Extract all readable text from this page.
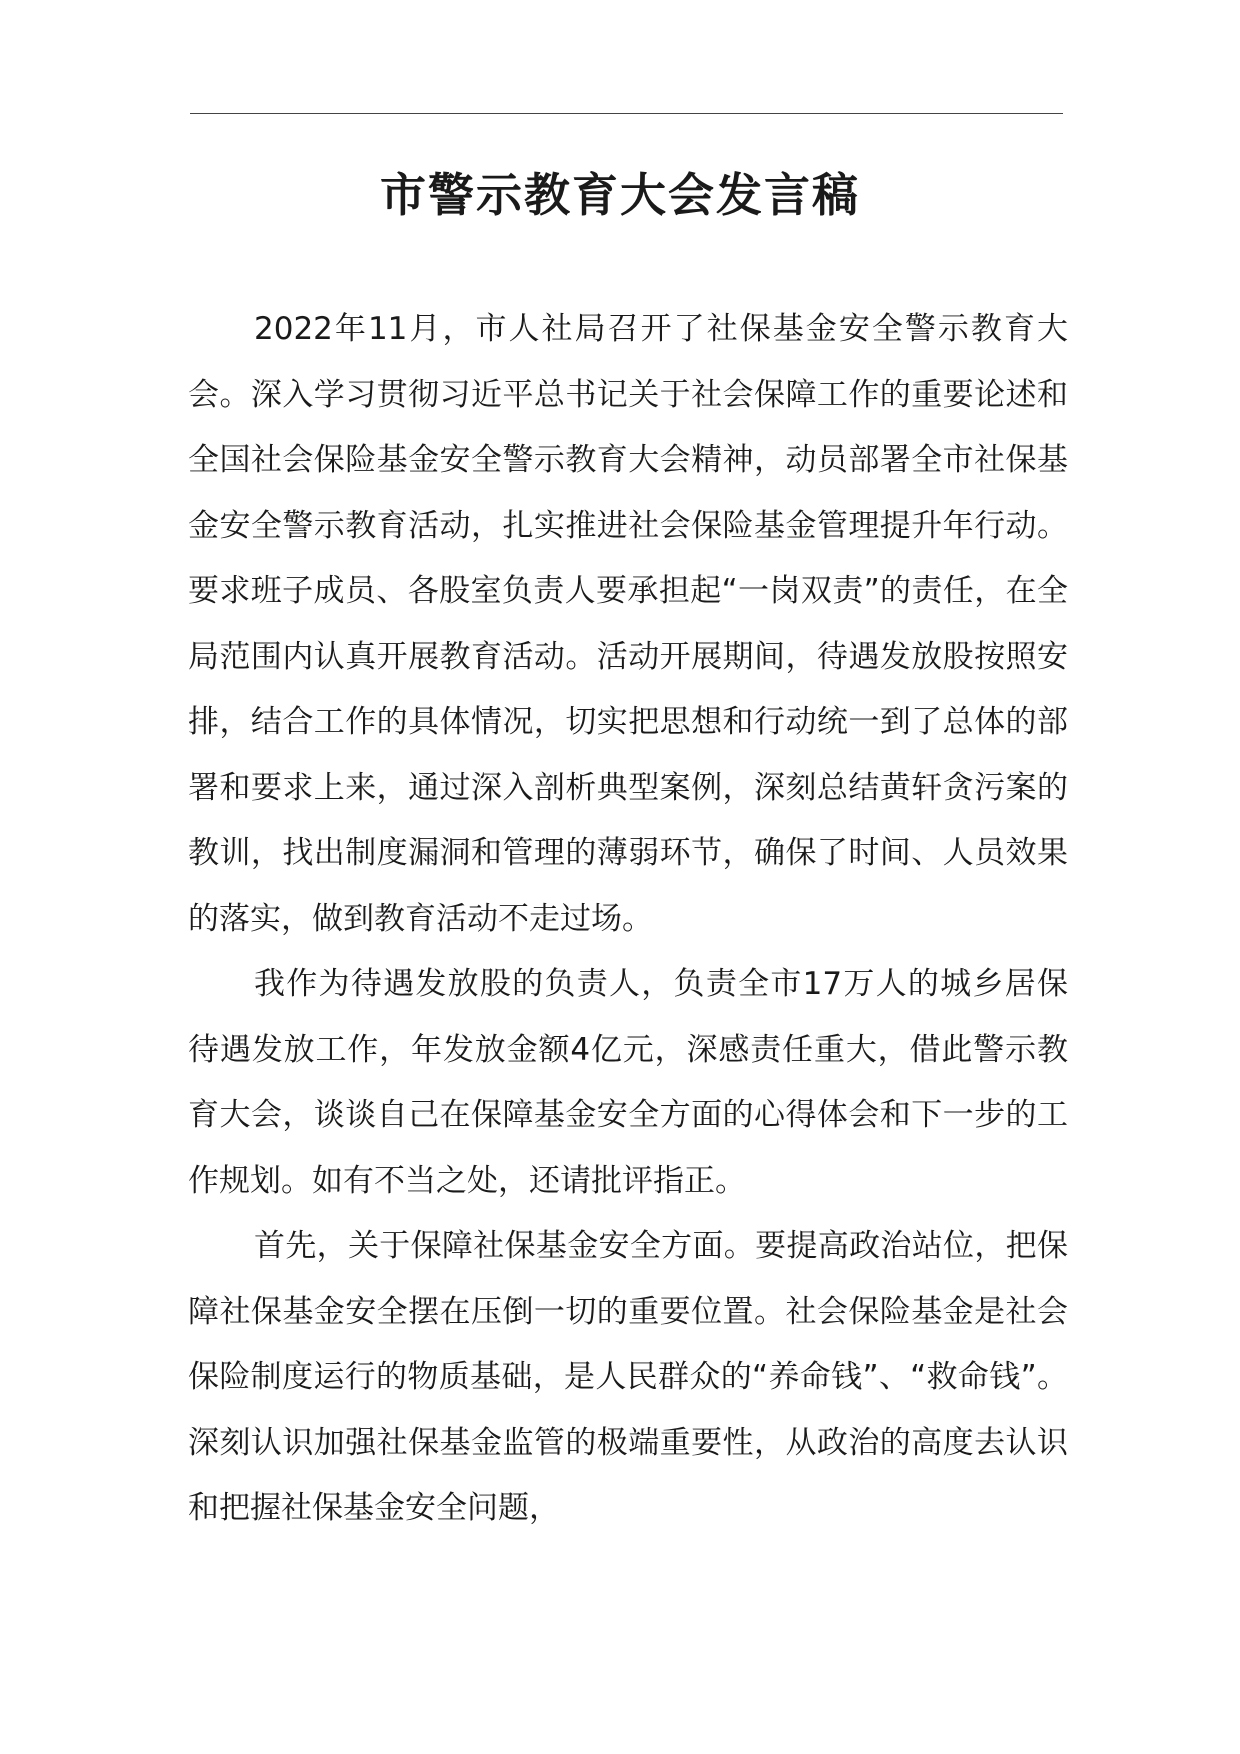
市警示教育大会发言稿

2022年11月，市人社局召开了社保基金安全警示教育大会。深入学习贯彻习近平总书记关于社会保障工作的重要论述和全国社会保险基金安全警示教育大会精神，动员部署全市社保基金安全警示教育活动，扎实推进社会保险基金管理提升年行动。要求班子成员、各股室负责人要承担起“一岗双责”的责任，在全局范围内认真开展教育活动。活动开展期间，待遇发放股按照安排，结合工作的具体情况，切实把思想和行动统一到了总体的部署和要求上来，通过深入剖析典型案例，深刻总结黄轩贪污案的教训，找出制度漏洞和管理的薄弱环节，确保了时间、人员效果的落实，做到教育活动不走过场。

我作为待遇发放股的负责人，负责全市17万人的城乡居保待遇发放工作，年发放金额4亿元，深感责任重大，借此警示教育大会，谈谈自己在保障基金安全方面的心得体会和下一步的工作规划。如有不当之处，还请批评指正。

首先，关于保障社保基金安全方面。要提高政治站位，把保障社保基金安全摆在压倒一切的重要位置。社会保险基金是社会保险制度运行的物质基础，是人民群众的“养命钱”、“救命钱”。深刻认识加强社保基金监管的极端重要性，从政治的高度去认识和把握社保基金安全问题，
